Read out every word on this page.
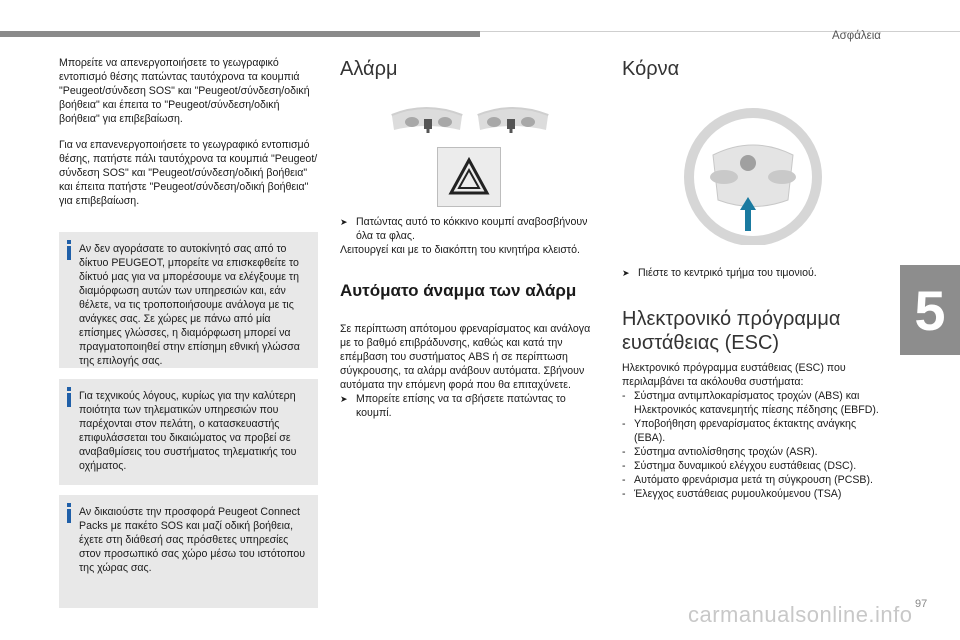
Ασφάλεια
5

Μπορείτε να απενεργοποιήσετε το γεωγραφικό εντοπισμό θέσης πατώντας ταυτόχρονα τα κουμπιά "Peugeot/σύνδεση SOS" και "Peugeot/σύνδεση/οδική βοήθεια" και έπειτα το "Peugeot/σύνδεση/οδική βοήθεια" για επιβεβαίωση.

Για να επανενεργοποιήσετε το γεωγραφικό εντοπισμό θέσης, πατήστε πάλι ταυτόχρονα τα κουμπιά "Peugeot/σύνδεση SOS" και "Peugeot/σύνδεση/οδική βοήθεια" και έπειτα πατήστε "Peugeot/σύνδεση/οδική βοήθεια" για επιβεβαίωση.

Αν δεν αγοράσατε το αυτοκίνητό σας από το δίκτυο PEUGEOT, μπορείτε να επισκεφθείτε το δίκτυό μας για να μπορέσουμε να ελέγξουμε τη διαμόρφωση αυτών των υπηρεσιών και, εάν θέλετε, να τις τροποποιήσουμε ανάλογα με τις ανάγκες σας. Σε χώρες με πάνω από μία επίσημες γλώσσες, η διαμόρφωση μπορεί να πραγματοποιηθεί στην επίσημη εθνική γλώσσα της επιλογής σας.
Για τεχνικούς λόγους, κυρίως για την καλύτερη ποιότητα των τηλεματικών υπηρεσιών που παρέχονται στον πελάτη, ο κατασκευαστής επιφυλάσσεται του δικαιώματος να προβεί σε αναβαθμίσεις του συστήματος τηλεματικής του οχήματος.
Αν δικαιούστε την προσφορά Peugeot Connect Packs με πακέτο SOS και μαζί οδική βοήθεια, έχετε στη διάθεσή σας πρόσθετες υπηρεσίες στον προσωπικό σας χώρο μέσω του ιστότοπου της χώρας σας.
Αλάρμ
➤ Πατώντας αυτό το κόκκινο κουμπί αναβοσβήνουν όλα τα φλας.
Λειτουργεί και με το διακόπτη του κινητήρα κλειστό.
Αυτόματο άναμμα των αλάρμ
Σε περίπτωση απότομου φρεναρίσματος και ανάλογα με το βαθμό επιβράδυνσης, καθώς και κατά την επέμβαση του συστήματος ABS ή σε περίπτωση σύγκρουσης, τα αλάρμ ανάβουν αυτόματα. Σβήνουν αυτόματα την επόμενη φορά που θα επιταχύνετε.
➤ Μπορείτε επίσης να τα σβήσετε πατώντας το κουμπί.
Κόρνα
➤ Πιέστε το κεντρικό τμήμα του τιμονιού.
Ηλεκτρονικό πρόγραμμα
ευστάθειας (ESC)
Ηλεκτρονικό πρόγραμμα ευστάθειας (ESC) που περιλαμβάνει τα ακόλουθα συστήματα:
- Σύστημα αντιμπλοκαρίσματος τροχών (ABS) και Ηλεκτρονικός κατανεμητής πίεσης πέδησης (EBFD).
- Υποβοήθηση φρεναρίσματος έκτακτης ανάγκης (EBA).
- Σύστημα αντιολίσθησης τροχών (ASR).
- Σύστημα δυναμικού ελέγχου ευστάθειας (DSC).
- Αυτόματο φρενάρισμα μετά τη σύγκρουση (PCSB).
- Έλεγχος ευστάθειας ρυμουλκούμενου (TSA)
carmanualsonline.info 97
